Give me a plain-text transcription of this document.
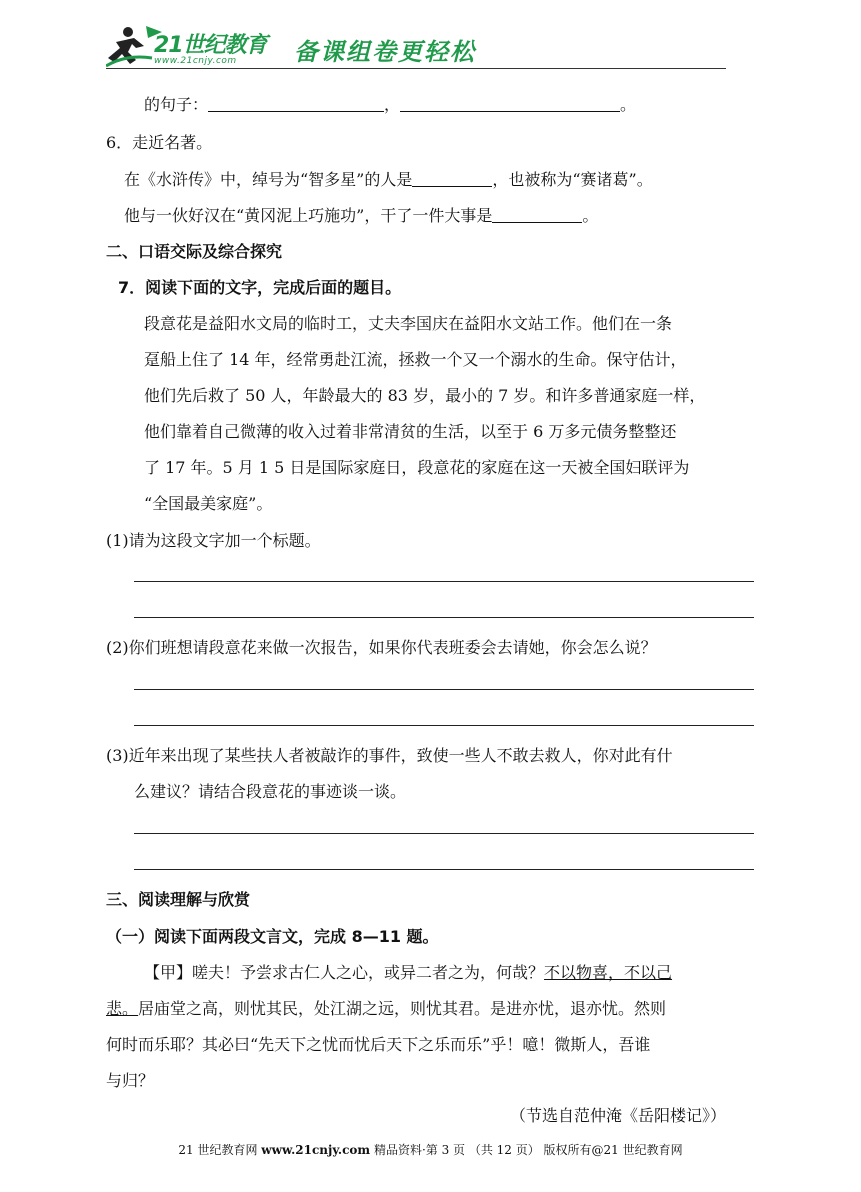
21世纪教育
www.21cnjy.com 备课组卷更轻松
的句子：	，	。
6．走近名著。
在《水浒传》中，绰号为“智多星”的人是	，也被称为“赛诸葛”。
他与一伙好汉在“黄冈泥上巧施功”，干了一件大事是	。
二、口语交际及综合探究
7．阅读下面的文字，完成后面的题目。
段意花是益阳水文局的临时工，丈夫李国庆在益阳水文站工作。他们在一条
趸船上住了 14 年，经常勇赴江流，拯救一个又一个溺水的生命。保守估计，
他们先后救了 50 人，年龄最大的 83 岁，最小的 7 岁。和许多普通家庭一样，
他们靠着自己微薄的收入过着非常清贫的生活，以至于 6 万多元债务整整还
了 17 年。5 月 1 5 日是国际家庭日，段意花的家庭在这一天被全国妇联评为
“全国最美家庭”。
(1)请为这段文字加一个标题。
(2)你们班想请段意花来做一次报告，如果你代表班委会去请她，你会怎么说？
(3)近年来出现了某些扶人者被敲诈的事件，致使一些人不敢去救人，你对此有什
么建议？请结合段意花的事迹谈一谈。
三、阅读理解与欣赏
（一）阅读下面两段文言文，完成 8—11 题。
【甲】嗟夫！予尝求古仁人之心，或异二者之为，何哉？不以物喜，不以己
悲。居庙堂之高，则忧其民，处江湖之远，则忧其君。是进亦忧，退亦忧。然则
何时而乐耶？其必曰“先天下之忧而忧后天下之乐而乐”乎！噫！微斯人，吾谁
与归？
（节选自范仲淹《岳阳楼记》）
21 世纪教育网 www.21cnjy.com 精品资料·第 3 页 （共 12 页） 版权所有@21 世纪教育网
